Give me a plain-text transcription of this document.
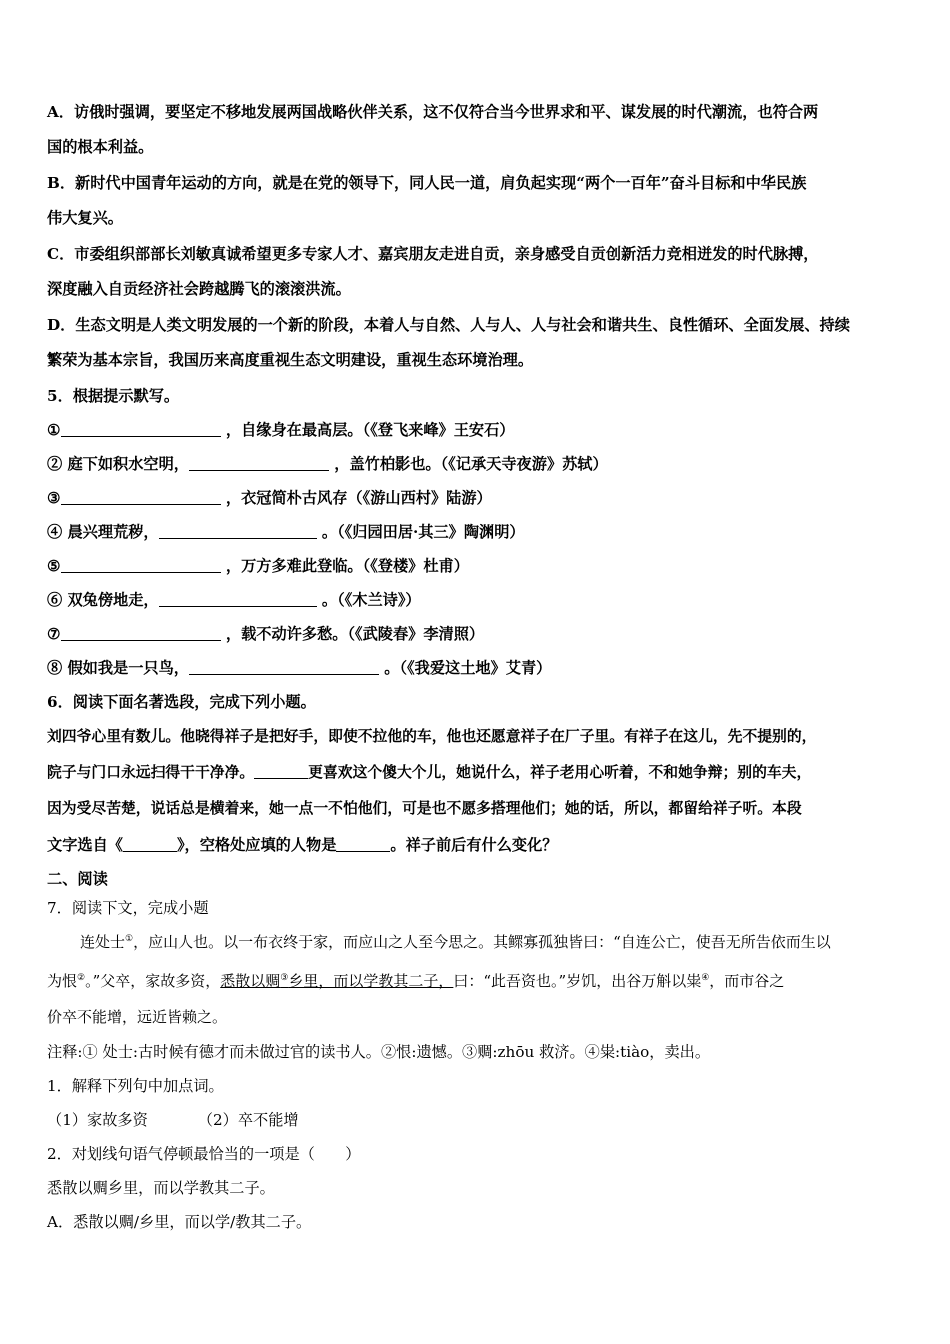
A．访俄时强调，要坚定不移地发展两国战略伙伴关系，这不仅符合当今世界求和平、谋发展的时代潮流，也符合两
国的根本利益。
B．新时代中国青年运动的方向，就是在党的领导下，同人民一道，肩负起实现“两个一百年”奋斗目标和中华民族
伟大复兴。
C．市委组织部部长刘敏真诚希望更多专家人才、嘉宾朋友走进自贡，亲身感受自贡创新活力竞相迸发的时代脉搏，
深度融入自贡经济社会跨越腾飞的滚滚洪流。
D．生态文明是人类文明发展的一个新的阶段，本着人与自然、人与人、人与社会和谐共生、良性循环、全面发展、持续
繁荣为基本宗旨，我国历来高度重视生态文明建设，重视生态环境治理。
5．根据提示默写。
①	，自缘身在最高层。（《登飞来峰》王安石）
② 庭下如积水空明，	，盖竹柏影也。（《记承天寺夜游》苏轼）
③	，衣冠简朴古风存（《游山西村》陆游）
④ 晨兴理荒秽，	。（《归园田居·其三》陶渊明）
⑤	，万方多难此登临。（《登楼》杜甫）
⑥ 双兔傍地走，	。（《木兰诗》）
⑦	，载不动许多愁。（《武陵春》李清照）
⑧ 假如我是一只鸟，	。（《我爱这土地》艾青）
6．阅读下面名著选段，完成下列小题。
刘四爷心里有数儿。他晓得祥子是把好手，即使不拉他的车，他也还愿意祥子在厂子里。有祥子在这儿，先不提别的，
院子与门口永远扫得干干净净。	更喜欢这个傻大个儿，她说什么，祥子老用心听着，不和她争辩；别的车夫，
因为受尽苦楚，说话总是横着来，她一点一不怕他们，可是也不愿多搭理他们；她的话，所以，都留给祥子听。本段
文字选自《	》，空格处应填的人物是	。祥子前后有什么变化？
二、阅读
7．阅读下文，完成小题
连处士①，应山人也。以一布衣终于家，而应山之人至今思之。其鳏寡孤独皆曰：“自连公亡，使吾无所告依而生以
为恨②。”父卒，家故多资，悉散以赒③乡里，而以学教其二子，曰：“此吾资也。”岁饥，出谷万斛以粜④，而市谷之
价卒不能增，远近皆赖之。
注释:① 处士:古时候有德才而未做过官的读书人。②恨:遗憾。③赒:zhōu 救济。④粜:tiào，卖出。
1．解释下列句中加点词。
（1）家故多资	（2）卒不能增
2．对划线句语气停顿最恰当的一项是（　　）
悉散以赒乡里，而以学教其二子。
A．悉散以赒/乡里，而以学/教其二子。
